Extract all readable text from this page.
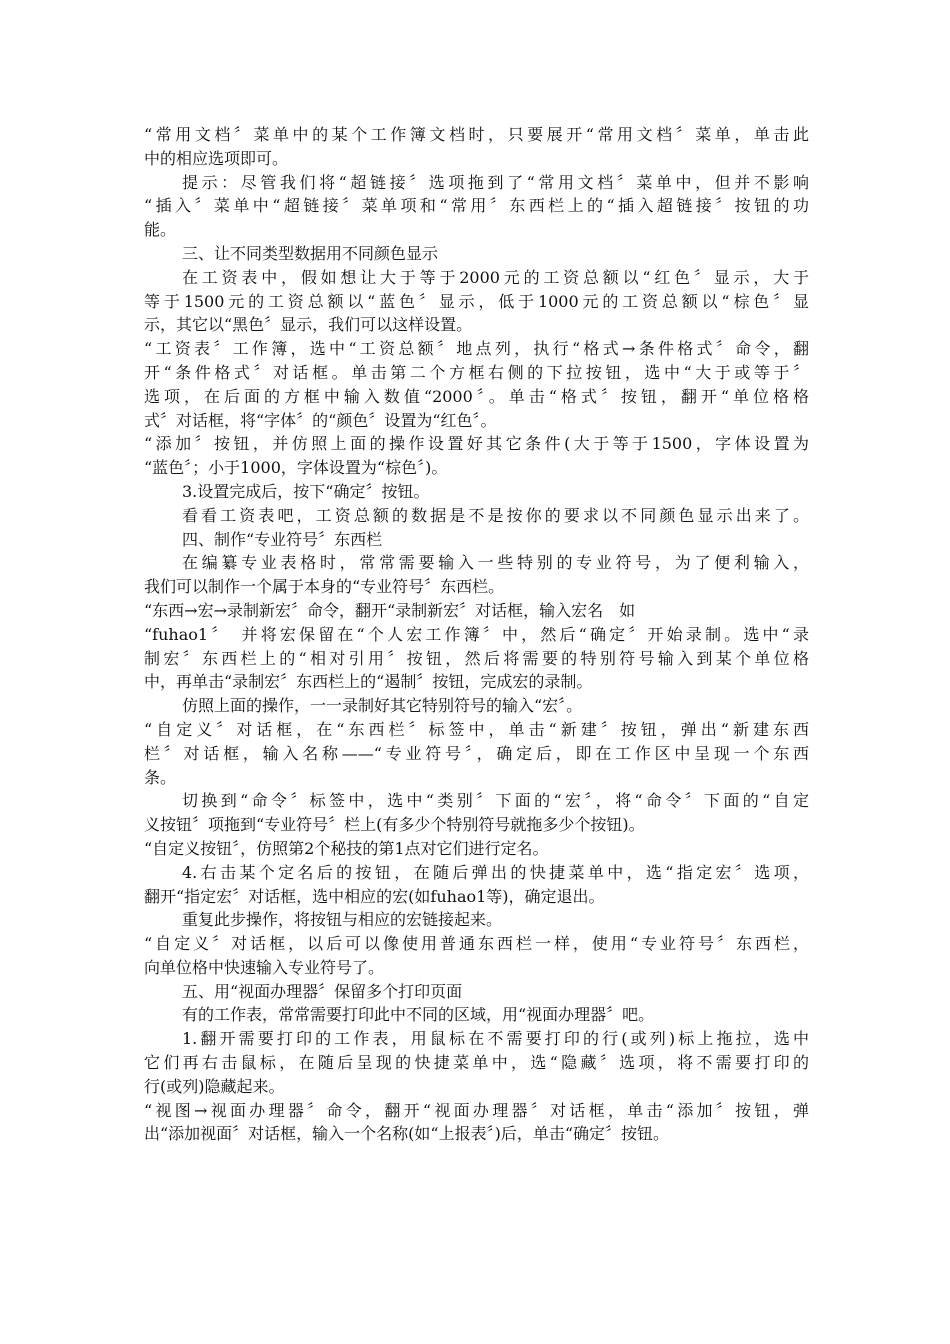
“常用文档〞菜单中的某个工作簿文档时，只要展开“常用文档〞菜单，单击此
中的相应选项即可。
提示：尽管我们将“超链接〞选项拖到了“常用文档〞菜单中，但并不影响
“插入〞菜单中“超链接〞菜单项和“常用〞东西栏上的“插入超链接〞按钮的功
能。
三、让不同类型数据用不同颜色显示
在工资表中，假如想让大于等于2000元的工资总额以“红色〞显示，大于
等于1500元的工资总额以“蓝色〞显示，低于1000元的工资总额以“棕色〞显
示，其它以“黑色〞显示，我们可以这样设置。
“工资表〞工作簿，选中“工资总额〞地点列，执行“格式→条件格式〞命令，翻
开“条件格式〞对话框。单击第二个方框右侧的下拉按钮，选中“大于或等于〞
选项，在后面的方框中输入数值“2000〞。单击“格式〞按钮，翻开“单位格格
式〞对话框，将“字体〞的“颜色〞设置为“红色〞。
“添加〞按钮，并仿照上面的操作设置好其它条件(大于等于1500，字体设置为
“蓝色〞；小于1000，字体设置为“棕色〞)。
3.设置完成后，按下“确定〞按钮。
看看工资表吧，工资总额的数据是不是按你的要求以不同颜色显示出来了。
四、制作“专业符号〞东西栏
在编纂专业表格时，常常需要输入一些特别的专业符号，为了便利输入，
我们可以制作一个属于本身的“专业符号〞东西栏。
“东西→宏→录制新宏〞命令，翻开“录制新宏〞对话框，输入宏名　如
“fuhao1〞　并将宏保留在“个人宏工作簿〞中，然后“确定〞开始录制。选中“录
制宏〞东西栏上的“相对引用〞按钮，然后将需要的特别符号输入到某个单位格
中，再单击“录制宏〞东西栏上的“遏制〞按钮，完成宏的录制。
仿照上面的操作，一一录制好其它特别符号的输入“宏〞。
“自定义〞对话框，在“东西栏〞标签中，单击“新建〞按钮，弹出“新建东西
栏〞对话框，输入名称——“专业符号〞，确定后，即在工作区中呈现一个东西
条。
切换到“命令〞标签中，选中“类别〞下面的“宏〞，将“命令〞下面的“自定
义按钮〞项拖到“专业符号〞栏上(有多少个特别符号就拖多少个按钮)。
“自定义按钮〞，仿照第2个秘技的第1点对它们进行定名。
4.右击某个定名后的按钮，在随后弹出的快捷菜单中，选“指定宏〞选项，
翻开“指定宏〞对话框，选中相应的宏(如fuhao1等)，确定退出。
重复此步操作，将按钮与相应的宏链接起来。
“自定义〞对话框，以后可以像使用普通东西栏一样，使用“专业符号〞东西栏，
向单位格中快速输入专业符号了。
五、用“视面办理器〞保留多个打印页面
有的工作表，常常需要打印此中不同的区域，用“视面办理器〞吧。
1.翻开需要打印的工作表，用鼠标在不需要打印的行(或列)标上拖拉，选中
它们再右击鼠标，在随后呈现的快捷菜单中，选“隐藏〞选项，将不需要打印的
行(或列)隐藏起来。
“视图→视面办理器〞命令，翻开“视面办理器〞对话框，单击“添加〞按钮，弹
出“添加视面〞对话框，输入一个名称(如“上报表〞)后，单击“确定〞按钮。
